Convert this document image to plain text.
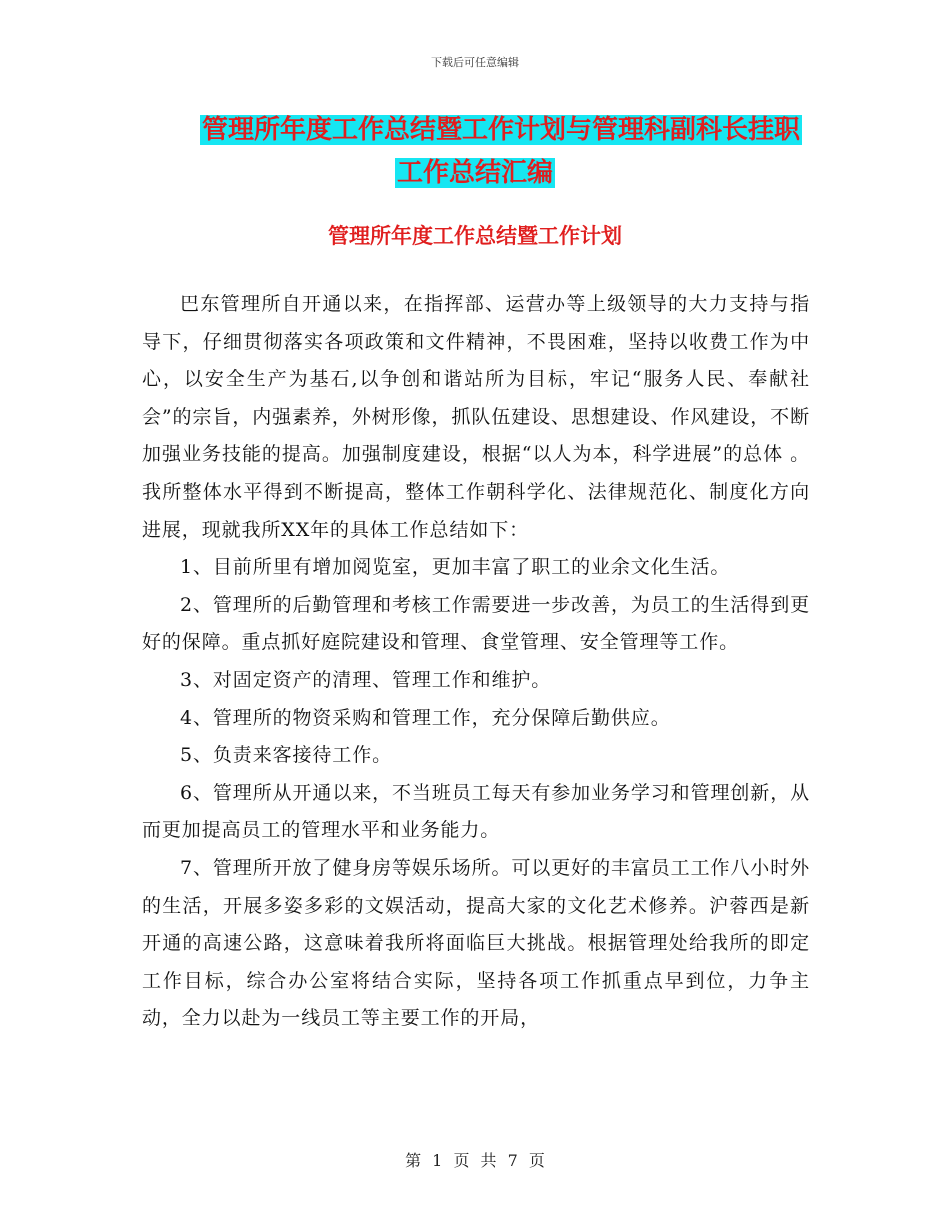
下载后可任意编辑
管理所年度工作总结暨工作计划与管理科副科长挂职
工作总结汇编
管理所年度工作总结暨工作计划

巴东管理所自开通以来，在指挥部、运营办等上级领导的大力支持与指导下，仔细贯彻落实各项政策和文件精神，不畏困难，坚持以收费工作为中心，以安全生产为基石,以争创和谐站所为目标，牢记“服务人民、奉献社会”的宗旨，内强素养，外树形像，抓队伍建设、思想建设、作风建设，不断加强业务技能的提高。加强制度建设，根据“以人为本，科学进展”的总体 。我所整体水平得到不断提高，整体工作朝科学化、法律规范化、制度化方向进展，现就我所XX年的具体工作总结如下：

1、目前所里有增加阅览室，更加丰富了职工的业余文化生活。

2、管理所的后勤管理和考核工作需要进一步改善，为员工的生活得到更好的保障。重点抓好庭院建设和管理、食堂管理、安全管理等工作。

3、对固定资产的清理、管理工作和维护。

4、管理所的物资采购和管理工作，充分保障后勤供应。

5、负责来客接待工作。

6、管理所从开通以来，不当班员工每天有参加业务学习和管理创新，从而更加提高员工的管理水平和业务能力。

7、管理所开放了健身房等娱乐场所。可以更好的丰富员工工作八小时外的生活，开展多姿多彩的文娱活动，提高大家的文化艺术修养。沪蓉西是新开通的高速公路，这意味着我所将面临巨大挑战。根据管理处给我所的即定工作目标，综合办公室将结合实际，坚持各项工作抓重点早到位，力争主动，全力以赴为一线员工等主要工作的开局，

第 1 页 共 7 页
